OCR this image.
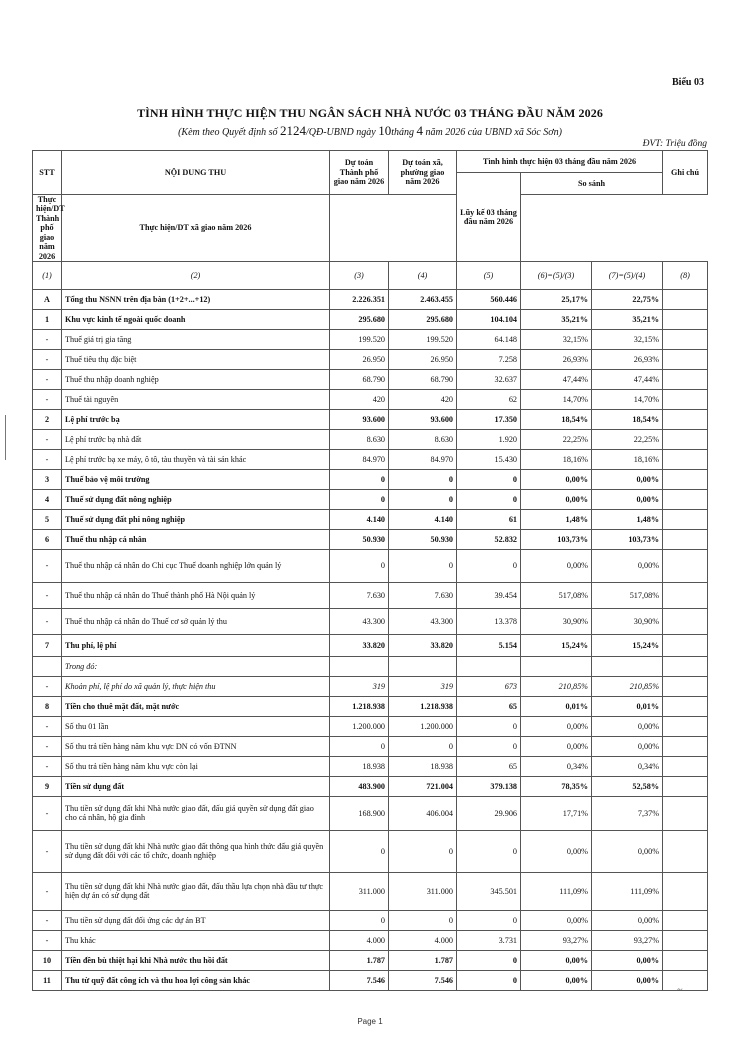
Biểu 03
TÌNH HÌNH THỰC HIỆN THU NGÂN SÁCH NHÀ NƯỚC 03 THÁNG ĐẦU NĂM 2026
(Kèm theo Quyết định số 2124/QĐ-UBND ngày 10tháng 4 năm 2026 của UBND xã Sóc Sơn)
ĐVT: Triệu đồng
STT	NỘI DUNG THU	Dự toán Thành phố giao năm 2026	Dự toán xã, phường giao năm 2026	Tình hình thực hiện 03 tháng đầu năm 2026			Ghi chú
				Lũy kế 03 tháng đầu năm 2026	So sánh		
Thực hiện/DT Thành phố giao năm 2026	Thực hiện/DT xã giao năm 2026						
(1)	(2)	(3)	(4)	(5)	(6)=(5)/(3)	(7)=(5)/(4)	(8)
A	Tổng thu NSNN trên địa bàn (1+2+...+12)	2.226.351	2.463.455	560.446	25,17%	22,75%	
1	Khu vực kinh tế ngoài quốc doanh	295.680	295.680	104.104	35,21%	35,21%	
-	Thuế giá trị gia tăng	199.520	199.520	64.148	32,15%	32,15%	
-	Thuế tiêu thụ đặc biệt	26.950	26.950	7.258	26,93%	26,93%	
-	Thuế thu nhập doanh nghiệp	68.790	68.790	32.637	47,44%	47,44%	
-	Thuế tài nguyên	420	420	62	14,70%	14,70%	
2	Lệ phí trước bạ	93.600	93.600	17.350	18,54%	18,54%	
-	Lệ phí trước bạ nhà đất	8.630	8.630	1.920	22,25%	22,25%	
-	Lệ phí trước bạ xe máy, ô tô, tàu thuyền và tài sản khác	84.970	84.970	15.430	18,16%	18,16%	
3	Thuế bảo vệ môi trường	0	0	0	0,00%	0,00%	
4	Thuế sử dụng đất nông nghiệp	0	0	0	0,00%	0,00%	
5	Thuế sử dụng đất phi nông nghiệp	4.140	4.140	61	1,48%	1,48%	
6	Thuế thu nhập cá nhân	50.930	50.930	52.832	103,73%	103,73%	
-	Thuế thu nhập cá nhân do Chi cục Thuế doanh nghiệp lớn quản lý	0	0	0	0,00%	0,00%	
-	Thuế thu nhập cá nhân do Thuế thành phố Hà Nội quản lý	7.630	7.630	39.454	517,08%	517,08%	
-	Thuế thu nhập cá nhân do Thuế cơ sở quản lý thu	43.300	43.300	13.378	30,90%	30,90%	
7	Thu phí, lệ phí	33.820	33.820	5.154	15,24%	15,24%	
	Trong đó:						
-	Khoản phí, lệ phí do xã quản lý, thực hiện thu	319	319	673	210,85%	210,85%	
8	Tiền cho thuê mặt đất, mặt nước	1.218.938	1.218.938	65	0,01%	0,01%	
-	Số thu 01 lần	1.200.000	1.200.000	0	0,00%	0,00%	
-	Số thu trả tiền hàng năm khu vực DN có vốn ĐTNN	0	0	0	0,00%	0,00%	
-	Số thu trả tiền hàng năm khu vực còn lại	18.938	18.938	65	0,34%	0,34%	
9	Tiền sử dụng đất	483.900	721.004	379.138	78,35%	52,58%	
-	Thu tiền sử dụng đất khi Nhà nước giao đất, đấu giá quyền sử dụng đất giao cho cá nhân, hộ gia đình	168.900	406.004	29.906	17,71%	7,37%	
-	Thu tiền sử dụng đất khi Nhà nước giao đất thông qua hình thức đấu giá quyền sử dụng đất đối với các tổ chức, doanh nghiệp	0	0	0	0,00%	0,00%	
-	Thu tiền sử dụng đất khi Nhà nước giao đất, đấu thầu lựa chọn nhà đầu tư thực hiện dự án có sử dụng đất	311.000	311.000	345.501	111,09%	111,09%	
-	Thu tiền sử dụng đất đối ứng các dự án BT	0	0	0	0,00%	0,00%	
-	Thu khác	4.000	4.000	3.731	93,27%	93,27%	
10	Tiền đền bù thiệt hại khi Nhà nước thu hồi đất	1.787	1.787	0	0,00%	0,00%	
11	Thu từ quỹ đất công ích và thu hoa lợi công sản khác	7.546	7.546	0	0,00%	0,00%	
~
Page 1
